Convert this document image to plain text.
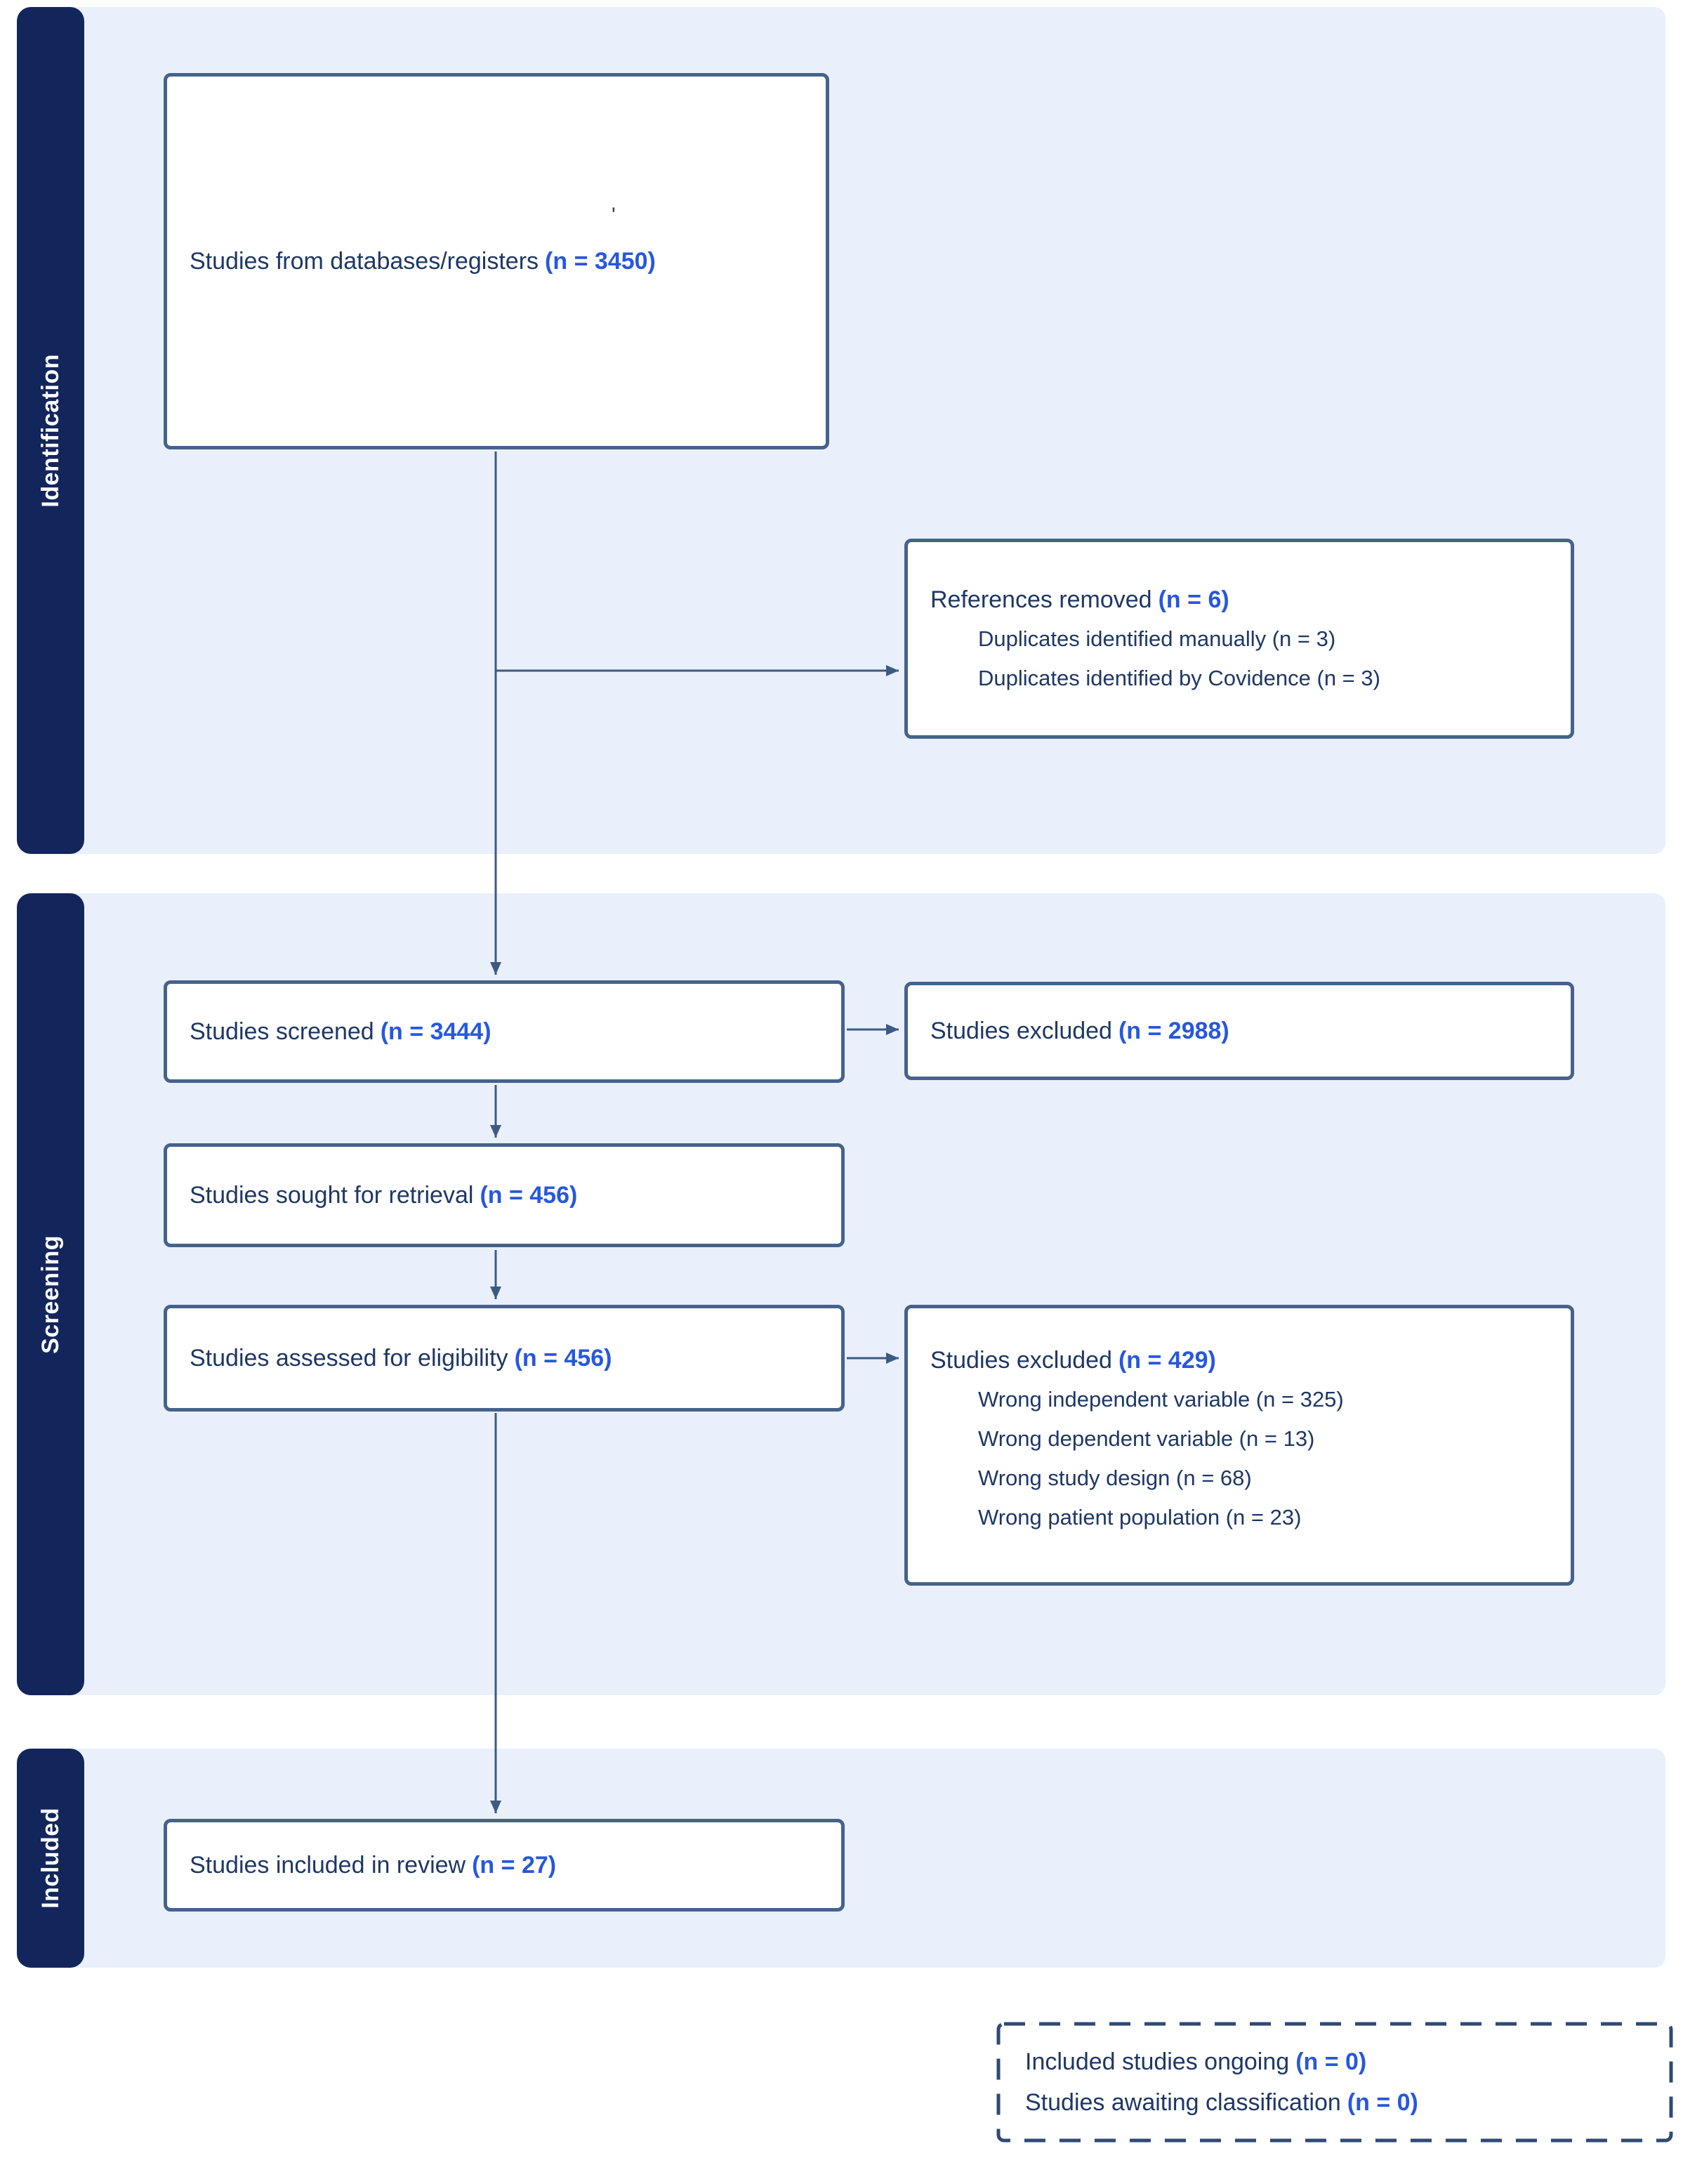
Identification
Screening
Included
Studies from databases/registers (n = 3450)
'
References removed (n = 6)
Duplicates identified manually (n = 3)
Duplicates identified by Covidence (n = 3)
Studies screened (n = 3444)	Studies excluded (n = 2988)
Studies sought for retrieval (n = 456)
Studies assessed for eligibility (n = 456)	Studies excluded (n = 429)
Wrong independent variable (n = 325)
Wrong dependent variable (n = 13)
Wrong study design (n = 68)
Wrong patient population (n = 23)
Studies included in review (n = 27)
Included studies ongoing (n = 0)
Studies awaiting classification (n = 0)
